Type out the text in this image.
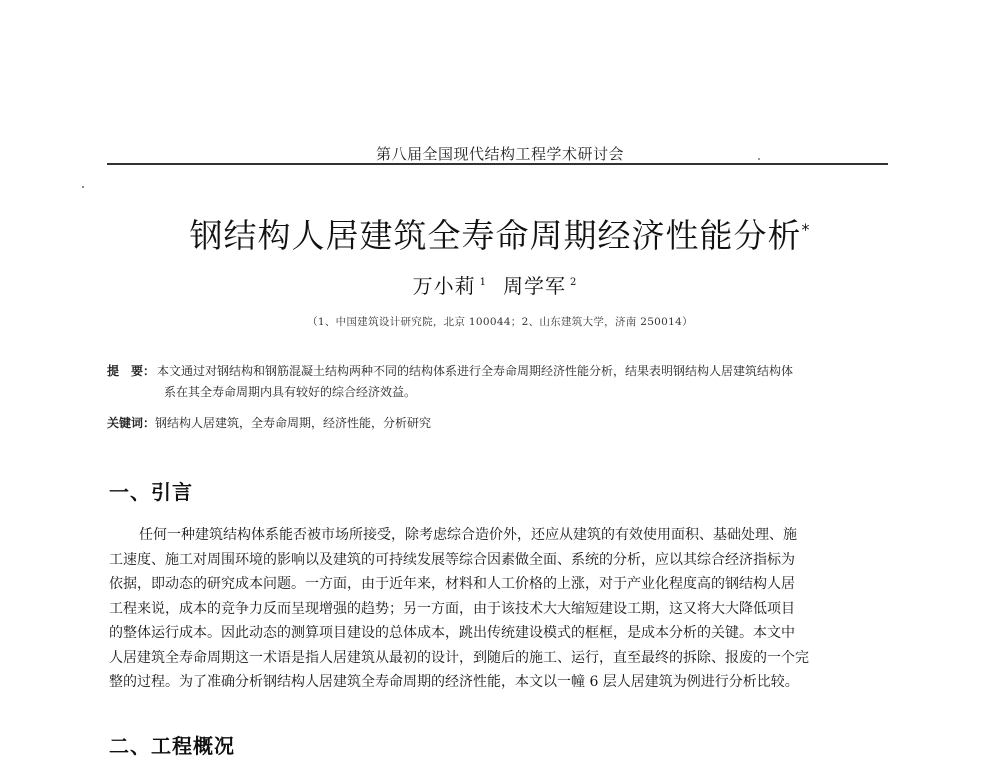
第八届全国现代结构工程学术研讨会
钢结构人居建筑全寿命周期经济性能分析*
万小莉 $^1$ 周学军 $^2$
（1、中国建筑设计研究院，北京 100044；2、山东建筑大学，济南 250014）
提　要： 本文通过对钢结构和钢筋混凝土结构两种不同的结构体系进行全寿命周期经济性能分析，结果表明钢结构人居建筑结构体
系在其全寿命周期内具有较好的综合经济效益。
关键词：钢结构人居建筑，全寿命周期，经济性能，分析研究
一、引言
任何一种建筑结构体系能否被市场所接受，除考虑综合造价外，还应从建筑的有效使用面积、基础处理、施
工速度、施工对周围环境的影响以及建筑的可持续发展等综合因素做全面、系统的分析，应以其综合经济指标为
依据，即动态的研究成本问题。一方面，由于近年来，材料和人工价格的上涨，对于产业化程度高的钢结构人居
工程来说，成本的竞争力反而呈现增强的趋势；另一方面，由于该技术大大缩短建设工期，这又将大大降低项目
的整体运行成本。因此动态的测算项目建设的总体成本，跳出传统建设模式的框框，是成本分析的关键。本文中
人居建筑全寿命周期这一术语是指人居建筑从最初的设计，到随后的施工、运行，直至最终的拆除、报废的一个完
整的过程。为了准确分析钢结构人居建筑全寿命周期的经济性能，本文以一幢 6 层人居建筑为例进行分析比较。
二、工程概况
